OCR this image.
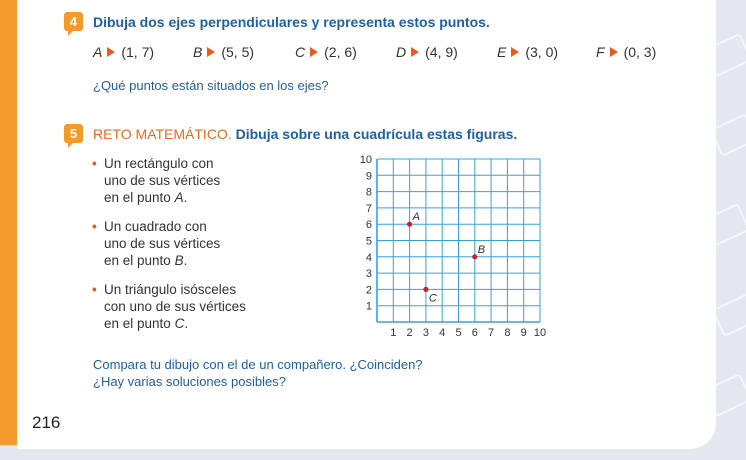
4	Dibuja dos ejes perpendiculares y representa estos puntos.
A (1, 7)	B (5, 5)	C (2, 6)	D (4, 9)	E (3, 0)	F (0, 3)
¿Qué puntos están situados en los ejes?
5	RETO MATEMÁTICO. Dibuja sobre una cuadrícula estas figuras.
• Un rectángulo con
uno de sus vértices
en el punto A.
• Un cuadrado con
uno de sus vértices
en el punto B.
• Un triángulo isósceles
con uno de sus vértices
en el punto C.
1 2 3 4 5 6 7 8 9 10
1
2
3
4
5
6
7
8
9
10
A
B
C
Compara tu dibujo con el de un compañero. ¿Coinciden?
¿Hay varias soluciones posibles?
216
